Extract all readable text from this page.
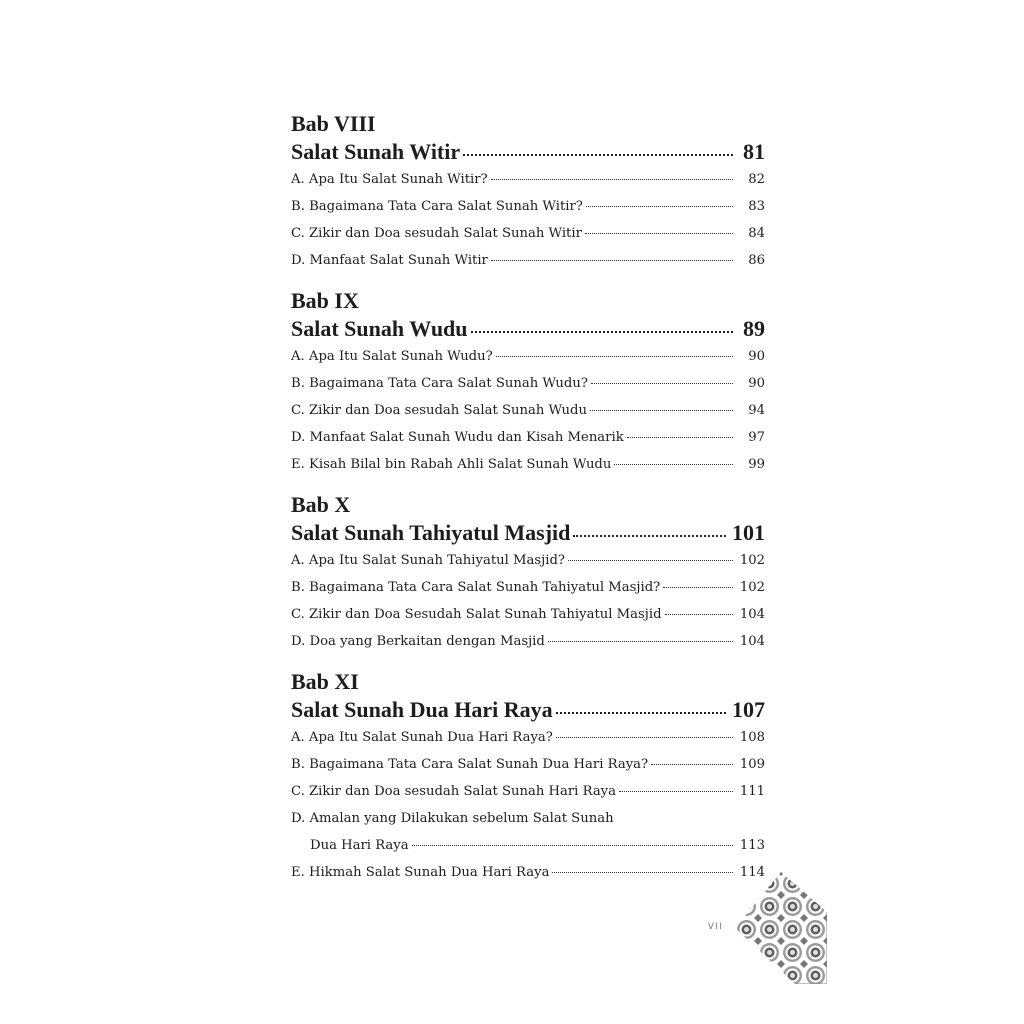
Bab VIII
Salat Sunah Witir	81
A.
Apa Itu Salat Sunah Witir?	82
B.
Bagaimana Tata Cara Salat Sunah Witir?	83
C.
Zikir dan Doa sesudah Salat Sunah Witir	84
D.
Manfaat Salat Sunah Witir	86
Bab IX
Salat Sunah Wudu	89
A.
Apa Itu Salat Sunah Wudu?	90
B.
Bagaimana Tata Cara Salat Sunah Wudu?	90
C.
Zikir dan Doa sesudah Salat Sunah Wudu	94
D.
Manfaat Salat Sunah Wudu dan Kisah Menarik	97
E.
Kisah Bilal bin Rabah Ahli Salat Sunah Wudu	99
Bab X
Salat Sunah Tahiyatul Masjid	101
A.
Apa Itu Salat Sunah Tahiyatul Masjid?	102
B.
Bagaimana Tata Cara Salat Sunah Tahiyatul Masjid?	102
C.
Zikir dan Doa Sesudah Salat Sunah Tahiyatul Masjid	104
D.
Doa yang Berkaitan dengan Masjid	104
Bab XI
Salat Sunah Dua Hari Raya	107
A.
Apa Itu Salat Sunah Dua Hari Raya?	108
B.
Bagaimana Tata Cara Salat Sunah Dua Hari Raya?	109
C.
Zikir dan Doa sesudah Salat Sunah Hari Raya	111
D.
Amalan yang Dilakukan sebelum Salat Sunah
Dua Hari Raya	113
E.
Hikmah Salat Sunah Dua Hari Raya	114
VII
